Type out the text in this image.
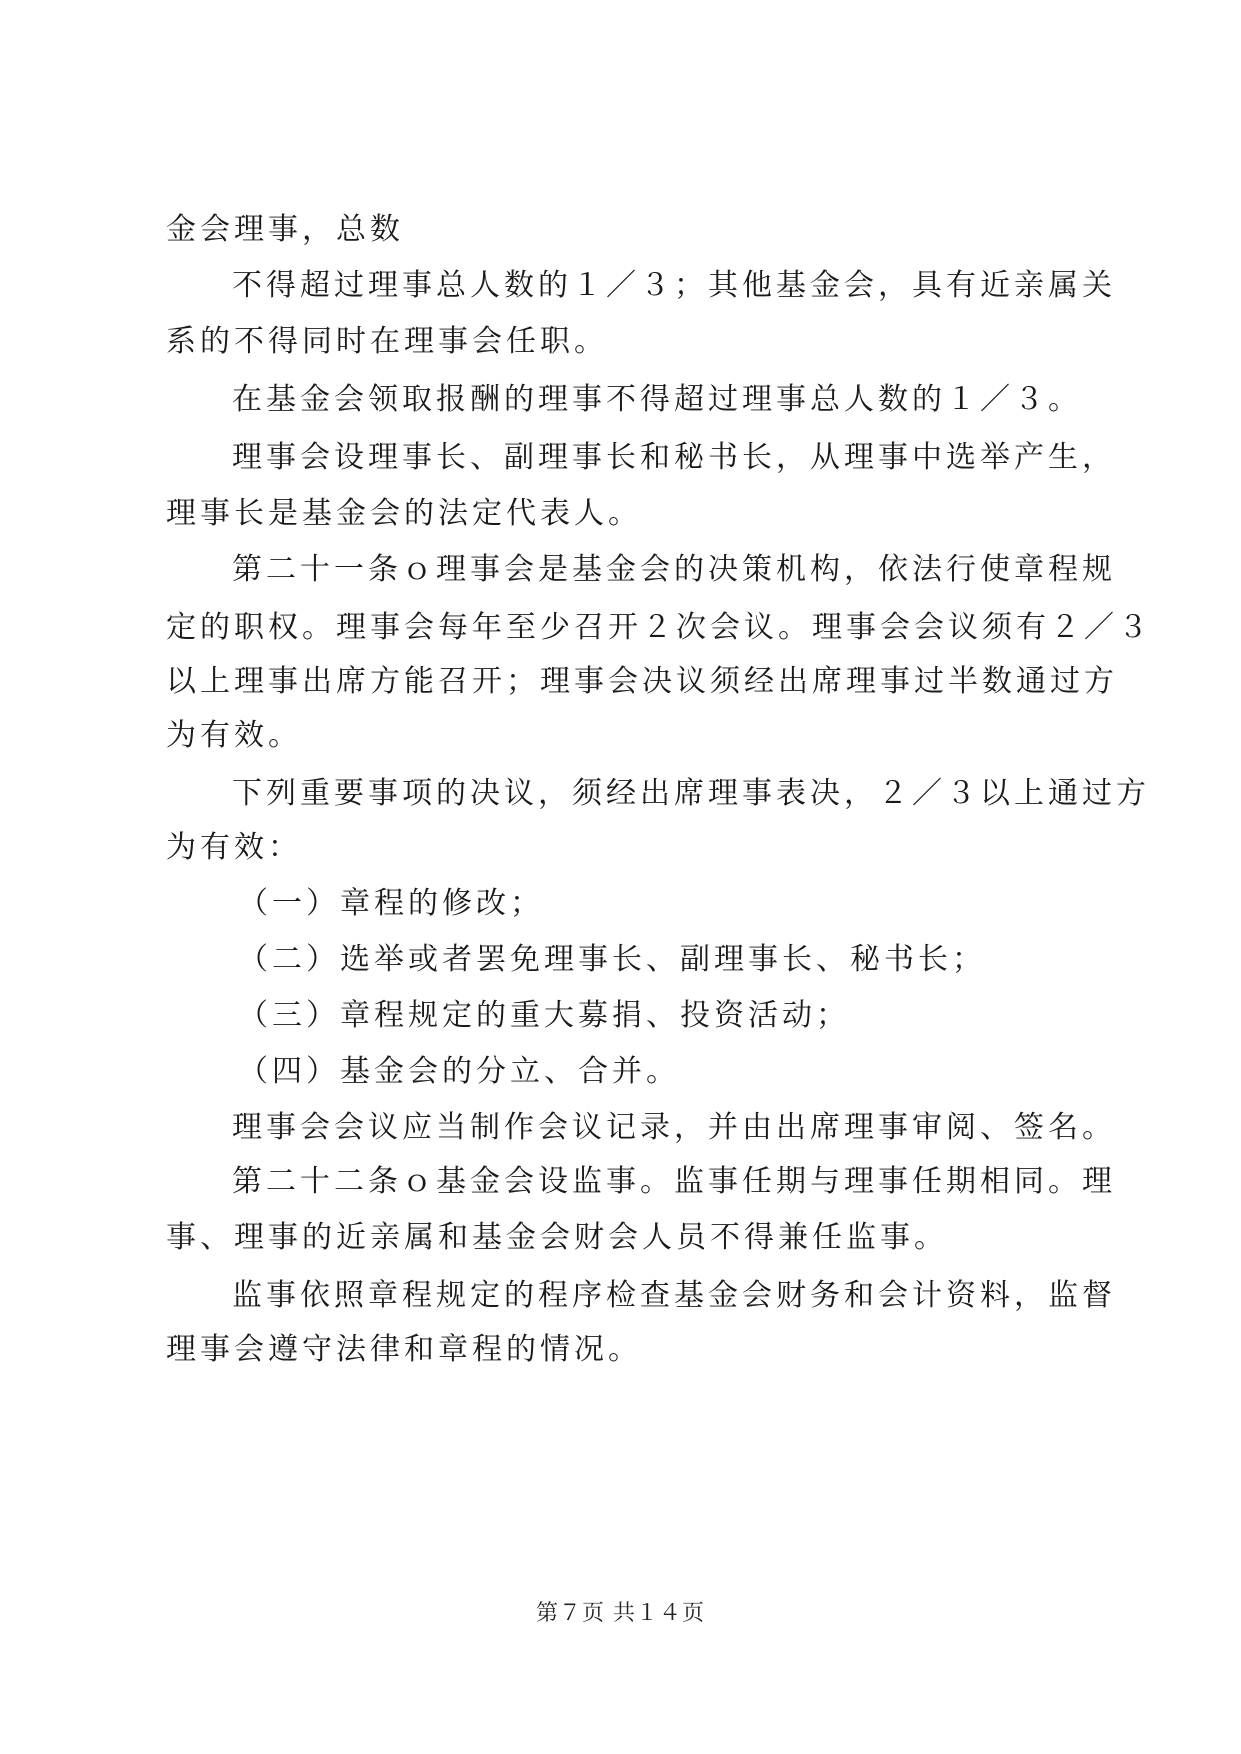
金会理事，总数
不得超过理事总人数的１／３；其他基金会，具有近亲属关
系的不得同时在理事会任职。
在基金会领取报酬的理事不得超过理事总人数的１／３。
理事会设理事长、副理事长和秘书长，从理事中选举产生，
理事长是基金会的法定代表人。
第二十一条ｏ理事会是基金会的决策机构，依法行使章程规
定的职权。理事会每年至少召开２次会议。理事会会议须有２／３
以上理事出席方能召开；理事会决议须经出席理事过半数通过方
为有效。
下列重要事项的决议，须经出席理事表决，２／３以上通过方
为有效：
（一）章程的修改；
（二）选举或者罢免理事长、副理事长、秘书长；
（三）章程规定的重大募捐、投资活动；
（四）基金会的分立、合并。
理事会会议应当制作会议记录，并由出席理事审阅、签名。
第二十二条ｏ基金会设监事。监事任期与理事任期相同。理
事、理事的近亲属和基金会财会人员不得兼任监事。
监事依照章程规定的程序检查基金会财务和会计资料，监督
理事会遵守法律和章程的情况。
第７页 共１４页
